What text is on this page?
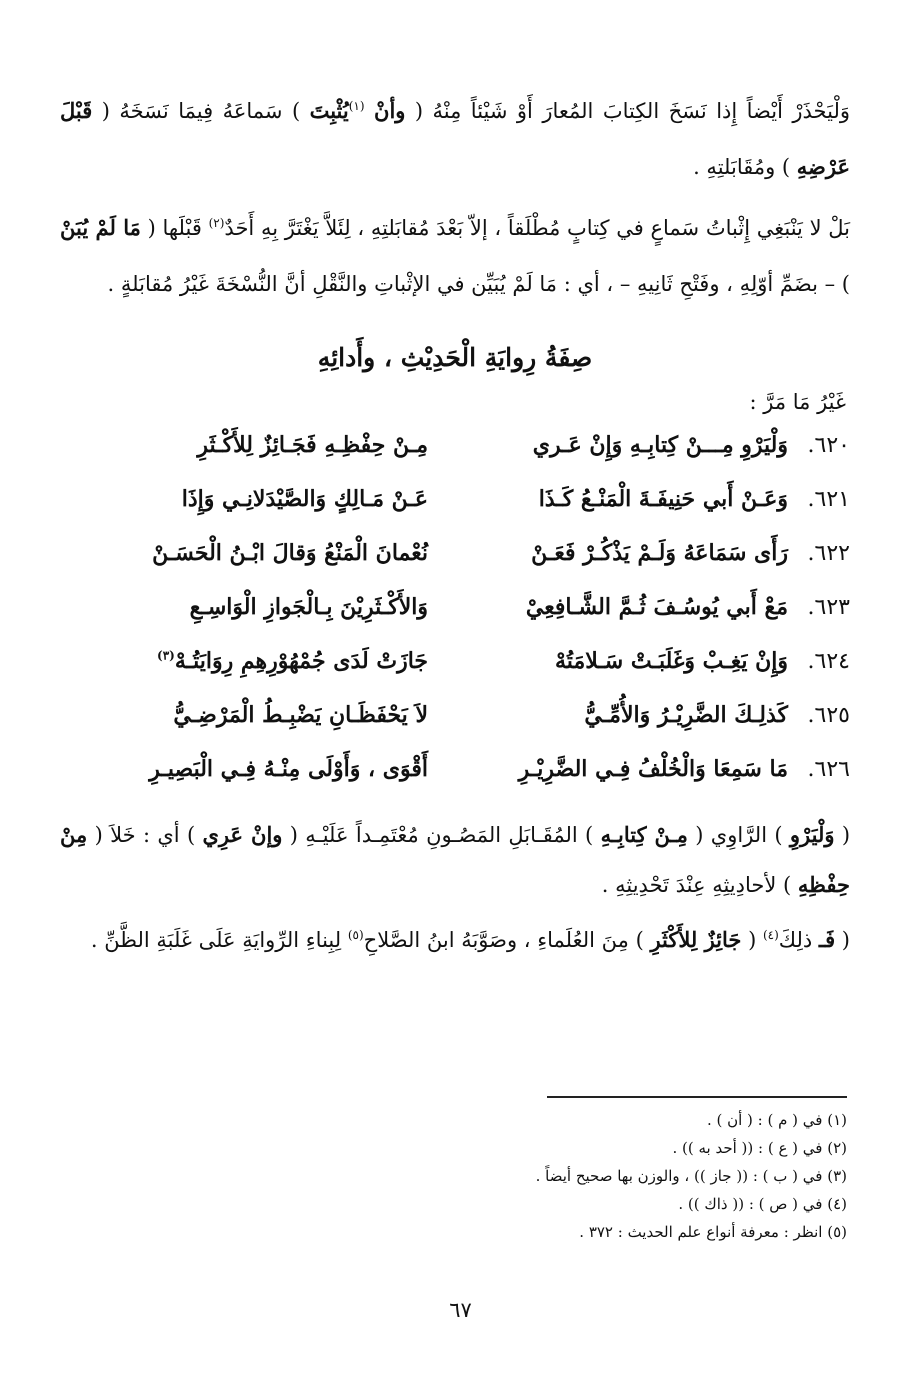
وَلْيَحْذَرْ أَيْضاً إِذا نَسَخَ الكِتابَ المُعارَ أَوْ شَيْئاً مِنْهُ ( وأنْ $^{(١)}$يُثْبِتَ ) سَماعَهُ فِيمَا نَسَخَهُ ( قَبْلَ عَرْضِهِ ) ومُقَابَلتِهِ .

بَلْ لا يَنْبَغِي إِثْباتُ سَماعٍ في كِتابٍ مُطْلَقاً ، إلاّ بَعْدَ مُقابَلتِهِ ، لِئَلاَّ يَغْتَرَّ بِهِ أَحَدٌ$^{(٢)}$ قَبْلَها ( مَا لَمْ يُبَنْ ) – بضَمِّ أوّلِهِ ، وفَتْحِ ثَانِيهِ – ، أي : مَا لَمْ يُبَيِّن في الإثْباتِ والنَّقْلِ أنَّ النُّسْخَةَ غَيْرُ مُقابَلةٍ .

صِفَةُ رِوايَةِ الْحَدِيْثِ ، وأَدائِهِ
غَيْرُ مَا مَرَّ :
٦٢٠.
وَلْيَرْوِ مِـــنْ كِتابِـهِ وَإِنْ عَـري
مِـنْ حِفْظِـهِ فَجَـائِزٌ لِلأَكْـثَرِ
٦٢١.
وَعَـنْ أَبي حَنِيفَـةَ الْمَنْـعُ كَـذَا
عَـنْ مَـالِكٍ وَالصَّيْدَلانِـي وَإِذَا
٦٢٢.
رَأَى سَمَاعَهُ وَلَـمْ يَذْكُـرْ فَعَـنْ
نُعْمانَ الْمَنْعُ وَقالَ ابْـنُ الْحَسَـنْ
٦٢٣.
مَعْ أَبي يُوسُـفَ ثُـمَّ الشَّـافِعِيْ
وَالأَكْـثَرِيْنَ بِـالْجَوازِ الْوَاسِـعِ
٦٢٤.
وَإِنْ يَغِـبْ وَغَلَبَـتْ سَـلامَتُهْ
جَازَتْ لَدَى جُمْهُوْرِهِمِ رِوَايَتُـهْ$^{(٣)}$
٦٢٥.
كَذلِـكَ الضَّرِيْـرُ وَالأُمِّـيُّ
لاَ يَحْفَظَـانِ يَضْبِـطُ الْمَرْضِـيُّ
٦٢٦.
مَا سَمِعَا وَالْخُلْفُ فِـي الضَّرِيْـرِ
أَقْوَى ، وَأَوْلَى مِنْـهُ فِـي الْبَصِيـرِ

( وَلْيَرْوِ ) الرَّاوِي ( مِـنْ كِتابِـهِ ) المُقَـابَلِ المَصُـونِ مُعْتَمِـداً عَلَيْـهِ ( وإنْ عَرِي ) أي : خَلاَ ( مِنْ حِفْظِهِ ) لأحادِيثِهِ عِنْدَ تَحْدِيثِهِ .

( فَـ ذلِكَ$^{(٤)}$ ( جَائِزٌ لِلأَكْثَرِ ) مِنَ العُلَماءِ ، وصَوَّبَهُ ابنُ الصَّلاحِ$^{(٥)}$ لِبِناءِ الرِّوايَةِ عَلَى غَلَبَةِ الظَّنِّ .

(١) في ( م ) : ( أن ) .
(٢) في ( ع ) : (( أحد به )) .
(٣) في ( ب ) : (( جاز )) ، والوزن بها صحيح أيضاً .
(٤) في ( ص ) : (( ذاك )) .
(٥) انظر : معرفة أنواع علم الحديث : ٣٧٢ .
٦٧
